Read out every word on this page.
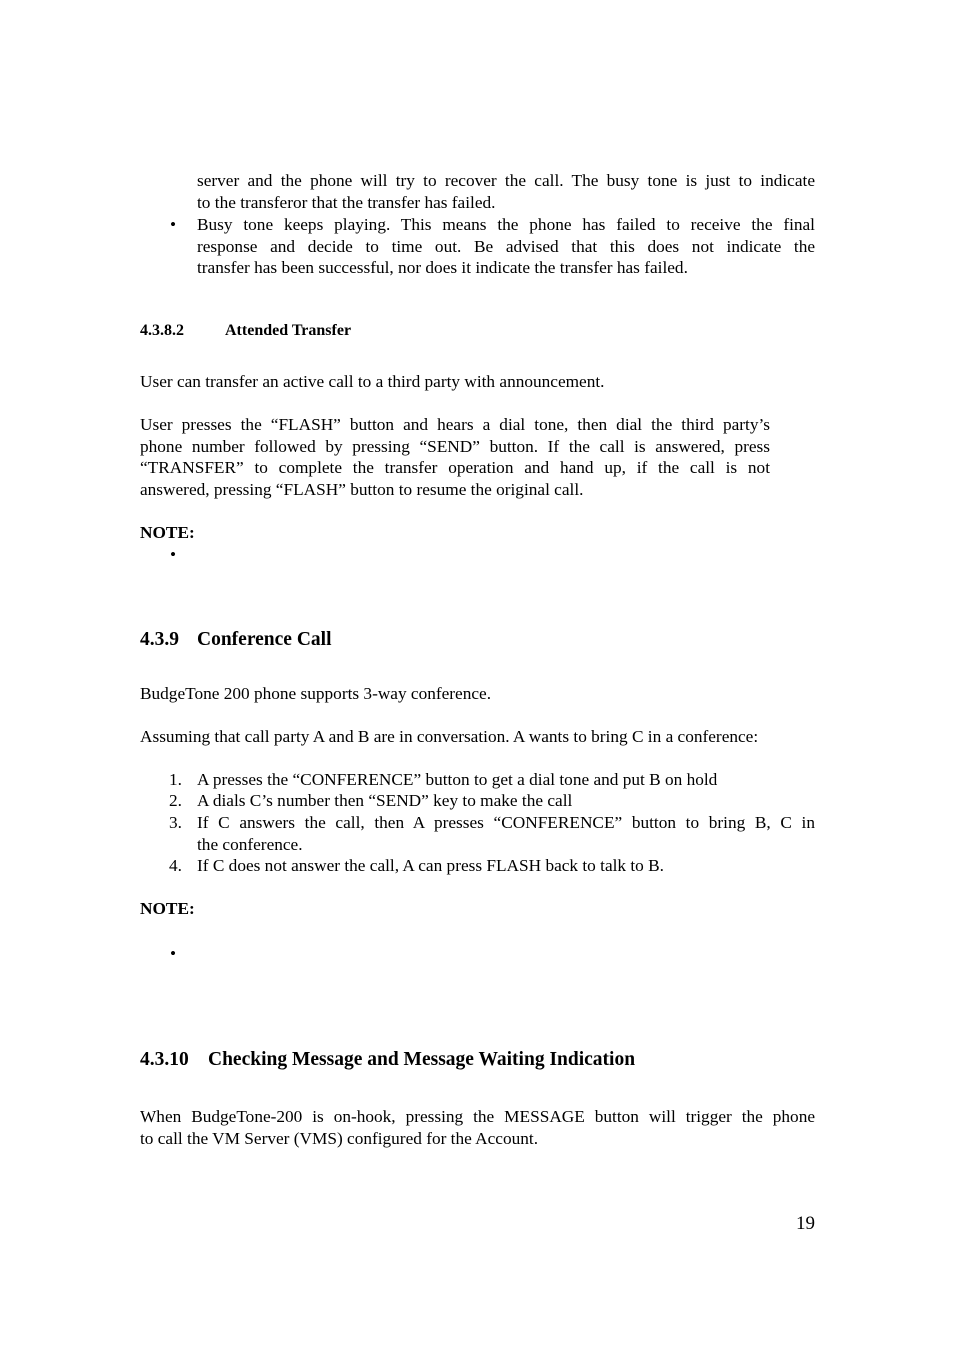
server and the phone will try to recover the call. The busy tone is just to indicate
to the transferor that the transfer has failed.
• Busy tone keeps playing. This means the phone has failed to receive the final
response and decide to time out. Be advised that this does not indicate the
transfer has been successful, nor does it indicate the transfer has failed.
4.3.8.2	Attended Transfer
User can transfer an active call to a third party with announcement.
User presses the “FLASH” button and hears a dial tone, then dial the third party’s
phone number followed by pressing “SEND” button. If the call is answered, press
“TRANSFER” to complete the transfer operation and hand up, if the call is not
answered, pressing “FLASH” button to resume the original call.
NOTE:
•
4.3.9 Conference Call
BudgeTone 200 phone supports 3-way conference.
Assuming that call party A and B are in conversation. A wants to bring C in a conference:
1. A presses the “CONFERENCE” button to get a dial tone and put B on hold
2. A dials C’s number then “SEND” key to make the call
3. If C answers the call, then A presses “CONFERENCE” button to bring B, C in
the conference.
4. If C does not answer the call, A can press FLASH back to talk to B.
NOTE:
•
4.3.10 Checking Message and Message Waiting Indication
When BudgeTone-200 is on-hook, pressing the MESSAGE button will trigger the phone
to call the VM Server (VMS) configured for the Account.
19
